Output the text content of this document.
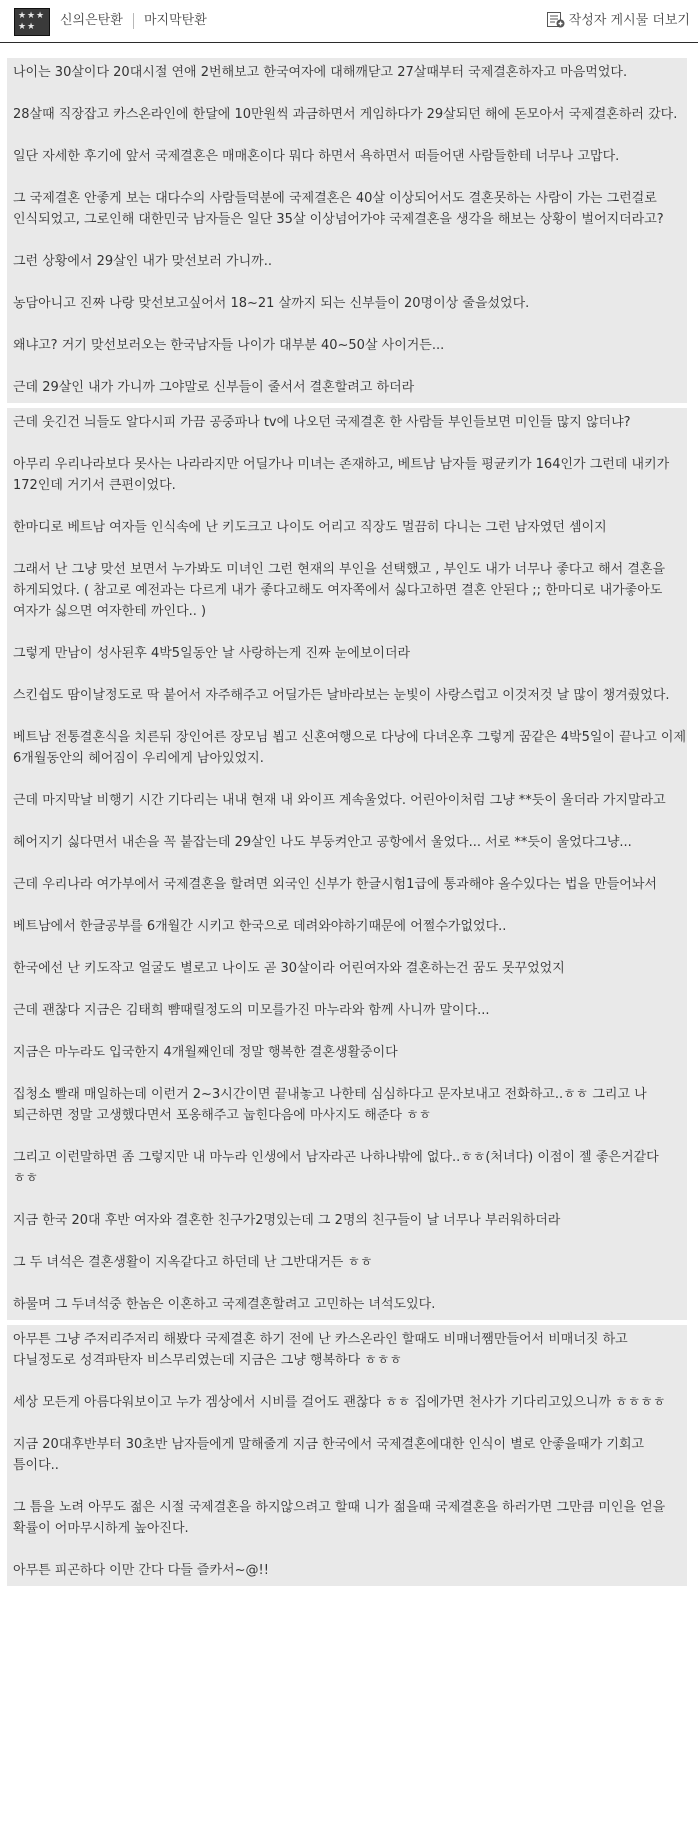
★ ★ ★
★ ★ 신의은탄환 마지막탄환	작성자 게시물 더보기

나이는 30살이다 20대시절 연애 2번해보고 한국여자에 대해깨닫고 27살때부터 국제결혼하자고 마음먹었다.

28살때 직장잡고 카스온라인에 한달에 10만원씩 과금하면서 게임하다가 29살되던 해에 돈모아서 국제결혼하러 갔다.

일단 자세한 후기에 앞서 국제결혼은 매매혼이다 뭐다 하면서 욕하면서 떠들어댄 사람들한테 너무나 고맙다.

그 국제결혼 안좋게 보는 대다수의 사람들덕분에 국제결혼은 40살 이상되어서도 결혼못하는 사람이 가는 그런걸로 인식되었고, 그로인해 대한민국 남자들은 일단 35살 이상넘어가야 국제결혼을 생각을 해보는 상황이 벌어지더라고?

그런 상황에서 29살인 내가 맞선보러 가니까..

농담아니고 진짜 나랑 맞선보고싶어서 18~21 살까지 되는 신부들이 20명이상 줄을섰었다.

왜냐고? 거기 맞선보러오는 한국남자들 나이가 대부분 40~50살 사이거든...

근데 29살인 내가 가니까 그야말로 신부들이 줄서서 결혼할려고 하더라

근데 웃긴건 늬들도 알다시피 가끔 공중파나 tv에 나오던 국제결혼 한 사람들 부인들보면 미인들 많지 않더냐?

아무리 우리나라보다 못사는 나라라지만 어딜가나 미녀는 존재하고, 베트남 남자들 평균키가 164인가 그런데 내키가 172인데 거기서 큰편이었다.

한마디로 베트남 여자들 인식속에 난 키도크고 나이도 어리고 직장도 멀끔히 다니는 그런 남자였던 셈이지

그래서 난 그냥 맞선 보면서 누가봐도 미녀인 그런 현재의 부인을 선택했고 , 부인도 내가 너무나 좋다고 해서 결혼을 하게되었다. ( 참고로 예전과는 다르게 내가 좋다고해도 여자쪽에서 싫다고하면 결혼 안된다 ;; 한마디로 내가좋아도 여자가 싫으면 여자한테 까인다.. )

그렇게 만남이 성사된후 4박5일동안 날 사랑하는게 진짜 눈에보이더라

스킨쉽도 땀이날정도로 딱 붙어서 자주해주고 어딜가든 날바라보는 눈빛이 사랑스럽고 이것저것 날 많이 챙겨줬었다.

베트남 전통결혼식을 치른뒤 장인어른 장모님 뵙고 신혼여행으로 다낭에 다녀온후 그렇게 꿈같은 4박5일이 끝나고 이제 6개월동안의 헤어짐이 우리에게 남아있었지.

근데 마지막날 비행기 시간 기다리는 내내 현재 내 와이프 계속울었다. 어린아이처럼 그냥 **듯이 울더라 가지말라고

헤어지기 싫다면서 내손을 꼭 붙잡는데 29살인 나도 부둥켜안고 공항에서 울었다... 서로 **듯이 울었다그냥...

근데 우리나라 여가부에서 국제결혼을 할려면 외국인 신부가 한글시험1급에 통과해야 올수있다는 법을 만들어놔서

베트남에서 한글공부를 6개월간 시키고 한국으로 데려와야하기때문에 어쩔수가없었다..

한국에선 난 키도작고 얼굴도 별로고 나이도 곧 30살이라 어린여자와 결혼하는건 꿈도 못꾸었었지

근데 괜찮다 지금은 김태희 뺨때릴정도의 미모를가진 마누라와 함께 사니까 말이다...

지금은 마누라도 입국한지 4개월째인데 정말 행복한 결혼생활중이다

집청소 빨래 매일하는데 이런거 2~3시간이면 끝내놓고 나한테 심심하다고 문자보내고 전화하고..ㅎㅎ 그리고 나 퇴근하면 정말 고생했다면서 포옹해주고 눕힌다음에 마사지도 해준다 ㅎㅎ

그리고 이런말하면 좀 그렇지만 내 마누라 인생에서 남자라곤 나하나밖에 없다..ㅎㅎ(처녀다) 이점이 젤 좋은거같다 ㅎㅎ

지금 한국 20대 후반 여자와 결혼한 친구가2명있는데 그 2명의 친구들이 날 너무나 부러워하더라

그 두 녀석은 결혼생활이 지옥같다고 하던데 난 그반대거든 ㅎㅎ

하물며 그 두녀석중 한놈은 이혼하고 국제결혼할려고 고민하는 녀석도있다.

아무튼 그냥 주저리주저리 해봤다 국제결혼 하기 전에 난 카스온라인 할때도 비매너쨈만들어서 비매너짓 하고 다닐정도로 성격파탄자 비스무리였는데 지금은 그냥 행복하다 ㅎㅎㅎ

세상 모든게 아름다워보이고 누가 겜상에서 시비를 걸어도 괜찮다 ㅎㅎ 집에가면 천사가 기다리고있으니까 ㅎㅎㅎㅎ

지금 20대후반부터 30초반 남자들에게 말해줄게 지금 한국에서 국제결혼에대한 인식이 별로 안좋을때가 기회고 틈이다..

그 틈을 노려 아무도 젊은 시절 국제결혼을 하지않으려고 할때 니가 젊을때 국제결혼을 하러가면 그만큼 미인을 얻을 확률이 어마무시하게 높아진다.

아무튼 피곤하다 이만 간다 다들 즐카서~@!!
